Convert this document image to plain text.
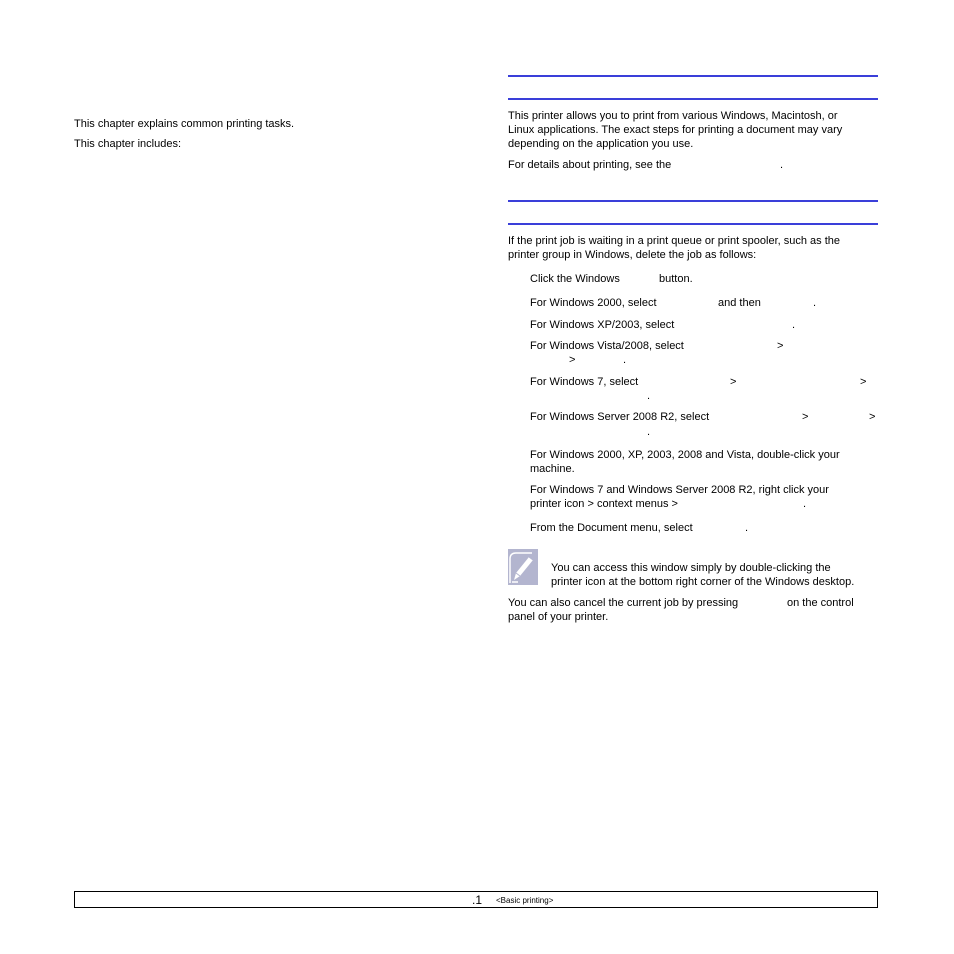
This chapter explains common printing tasks.
This chapter includes:
This printer allows you to print from various Windows, Macintosh, or
Linux applications. The exact steps for printing a document may vary
depending on the application you use.
For details about printing, see the	.
If the print job is waiting in a print queue or print spooler, such as the
printer group in Windows, delete the job as follows:
Click the Windows	button.
For Windows 2000, select	and then	.
For Windows XP/2003, select	.
For Windows Vista/2008, select	>
>	.
For Windows 7, select	>	>
.
For Windows Server 2008 R2, select	>	>
.
For Windows 2000, XP, 2003, 2008 and Vista, double-click your
machine.
For Windows 7 and Windows Server 2008 R2, right click your
printer icon > context menus >	.
From the Document menu, select	.
You can access this window simply by double-clicking the
printer icon at the bottom right corner of the Windows desktop.
You can also cancel the current job by pressing	on the control
panel of your printer.
.1 <Basic printing>
